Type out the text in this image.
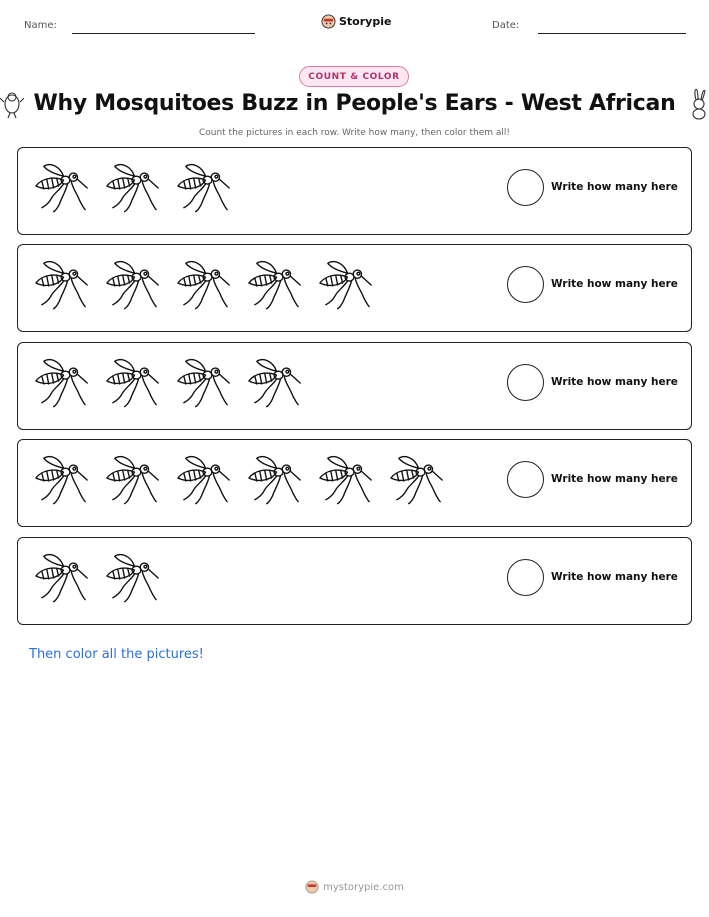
Name:	Storypie	Date:
COUNT & COLOR
Why Mosquitoes Buzz in People's Ears - West African
Count the pictures in each row. Write how many, then color them all!
Write how many here
Write how many here
Write how many here
Write how many here
Write how many here
Then color all the pictures!
mystorypie.com
